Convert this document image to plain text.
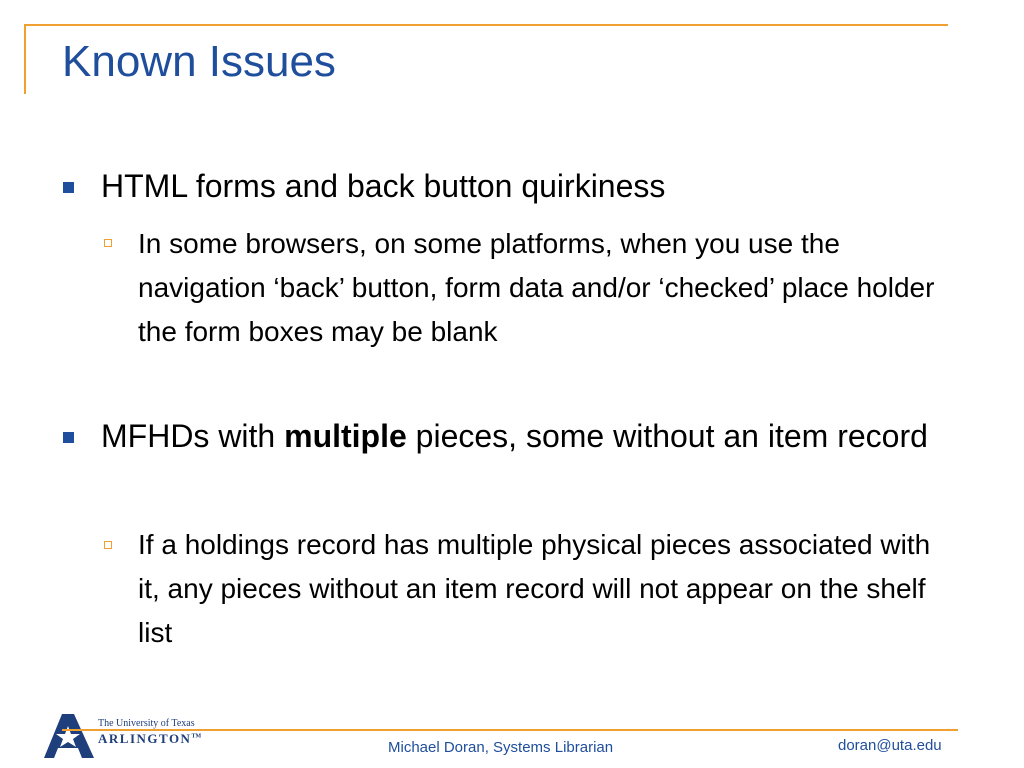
Known Issues
HTML forms and back button quirkiness
In some browsers, on some platforms, when you use the navigation ‘back’ button, form data and/or ‘checked’ place holder the form boxes may be blank
MFHDs with multiple pieces, some without an item record
If a holdings record has multiple physical pieces associated with it, any pieces without an item record will not appear on the shelf list
The University of Texas
ARLINGTON™
Michael Doran, Systems Librarian	doran@uta.edu
